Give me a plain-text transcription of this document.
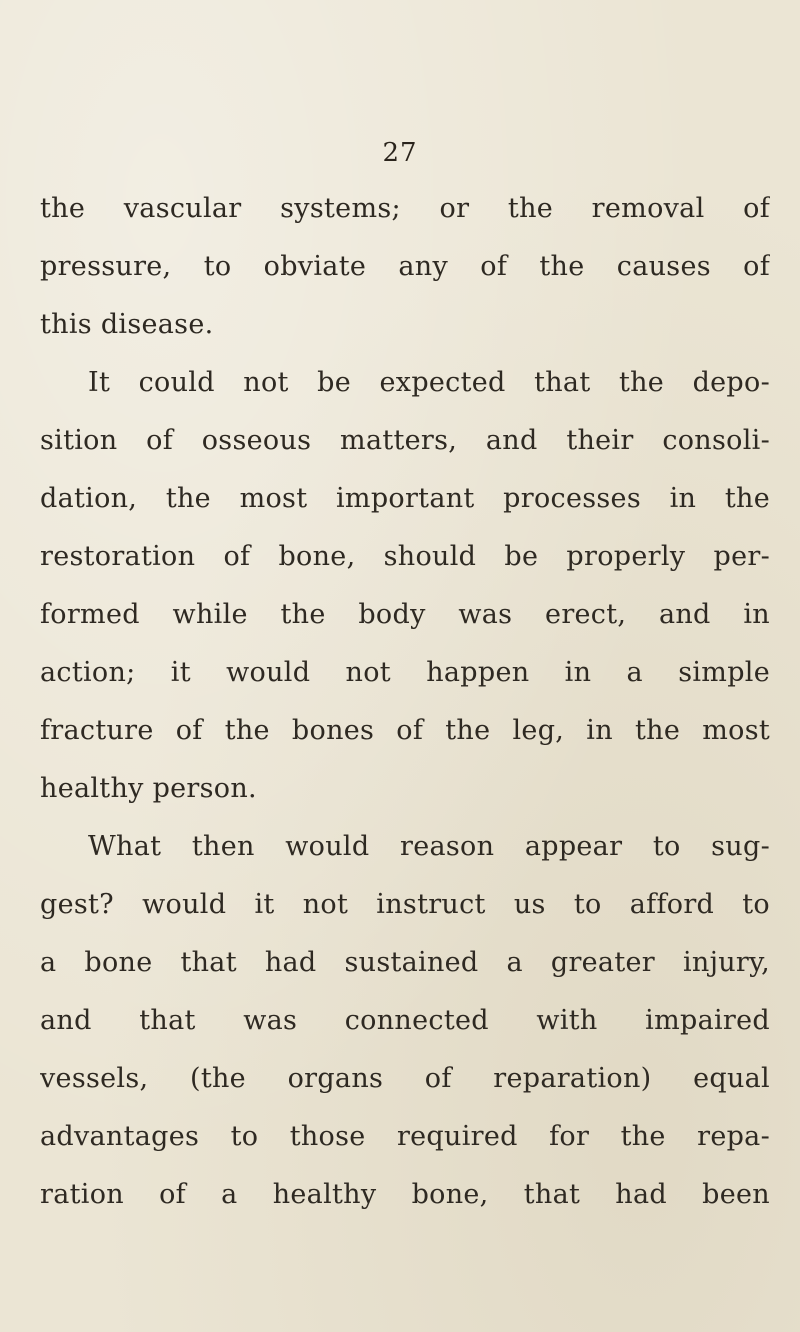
27
the vascular systems; or the removal of
pressure, to obviate any of the causes of
this disease.
It could not be expected that the depo-
sition of osseous matters, and their consoli-
dation, the most important processes in the
restoration of bone, should be properly per-
formed while the body was erect, and in
action; it would not happen in a simple
fracture of the bones of the leg, in the most
healthy person.
What then would reason appear to sug-
gest? would it not instruct us to afford to
a bone that had sustained a greater injury,
and that was connected with impaired
vessels, (the organs of reparation) equal
advantages to those required for the repa-
ration of a healthy bone, that had been
